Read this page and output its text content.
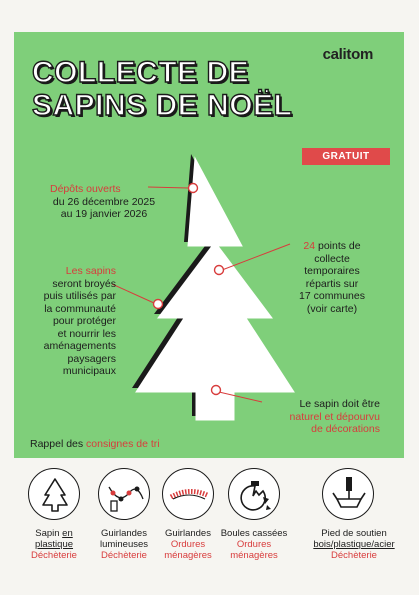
calitom
COLLECTE DE
SAPINS DE NOËL
GRATUIT
Dépôts ouverts
du 26 décembre 2025
au 19 janvier 2026
24 points de
collecte
temporaires
répartis sur
17 communes
(voir carte)
Les sapins
seront broyés
puis utilisés par
la communauté
pour protéger
et nourrir les
aménagements
paysagers
municipaux
Le sapin doit être
naturel et dépourvu
de décorations
Rappel des consignes de tri
Sapin en
plastique
Déchèterie
Guirlandes
lumineuses
Déchèterie
Guirlandes
Ordures ménagères
Boules cassées
Ordures ménagères
Pied de soutien
bois/plastique/acier
Déchèterie
